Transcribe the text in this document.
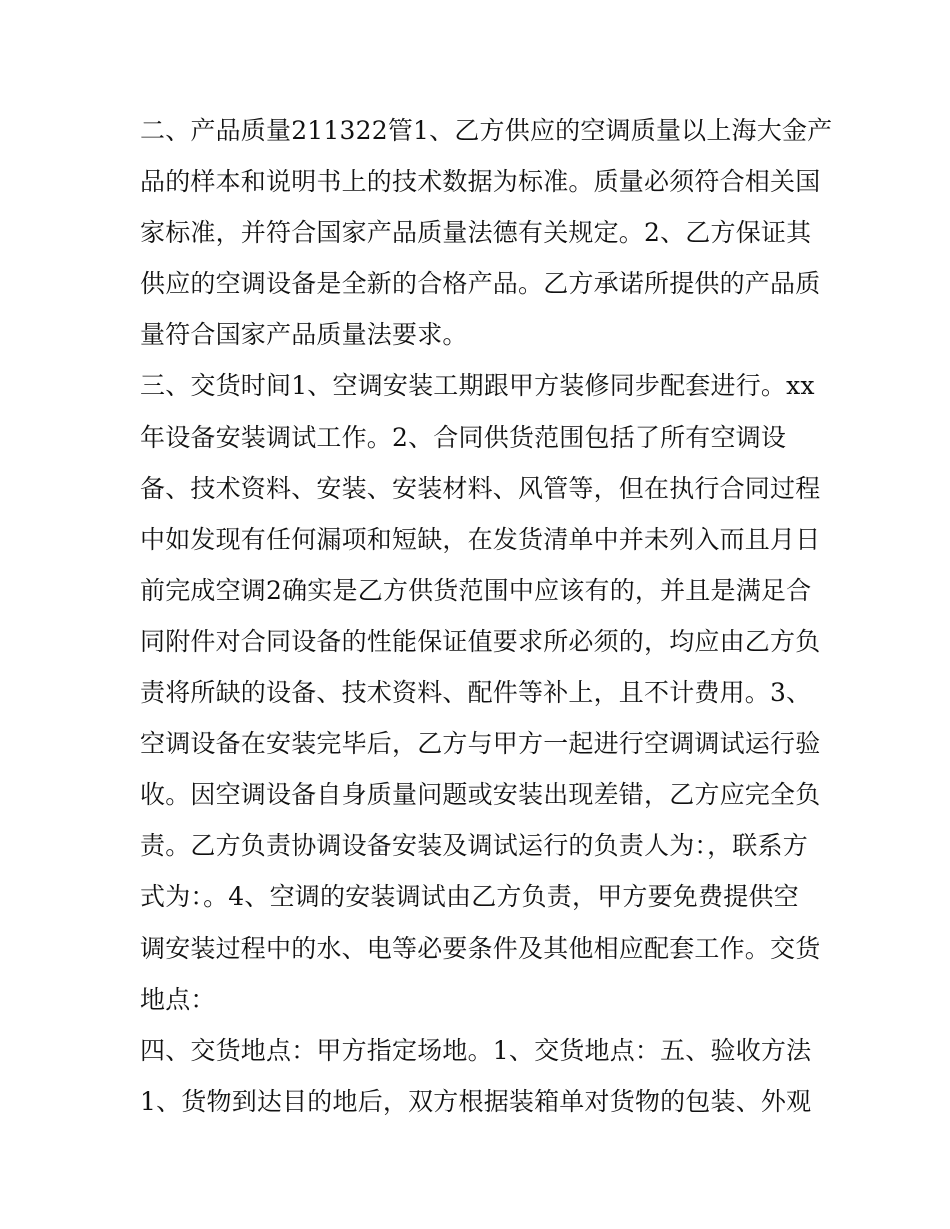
二、产品质量211322管1、乙方供应的空调质量以上海大金产
品的样本和说明书上的技术数据为标准。质量必须符合相关国
家标准，并符合国家产品质量法德有关规定。2、乙方保证其
供应的空调设备是全新的合格产品。乙方承诺所提供的产品质
量符合国家产品质量法要求。
三、交货时间1、空调安装工期跟甲方装修同步配套进行。xx
年设备安装调试工作。2、合同供货范围包括了所有空调设
备、技术资料、安装、安装材料、风管等，但在执行合同过程
中如发现有任何漏项和短缺，在发货清单中并未列入而且月日
前完成空调2确实是乙方供货范围中应该有的，并且是满足合
同附件对合同设备的性能保证值要求所必须的，均应由乙方负
责将所缺的设备、技术资料、配件等补上，且不计费用。3、
空调设备在安装完毕后，乙方与甲方一起进行空调调试运行验
收。因空调设备自身质量问题或安装出现差错，乙方应完全负
责。乙方负责协调设备安装及调试运行的负责人为：，联系方
式为：。4、空调的安装调试由乙方负责，甲方要免费提供空
调安装过程中的水、电等必要条件及其他相应配套工作。交货
地点：
四、交货地点：甲方指定场地。1、交货地点：五、验收方法
1、货物到达目的地后，双方根据装箱单对货物的包装、外观
